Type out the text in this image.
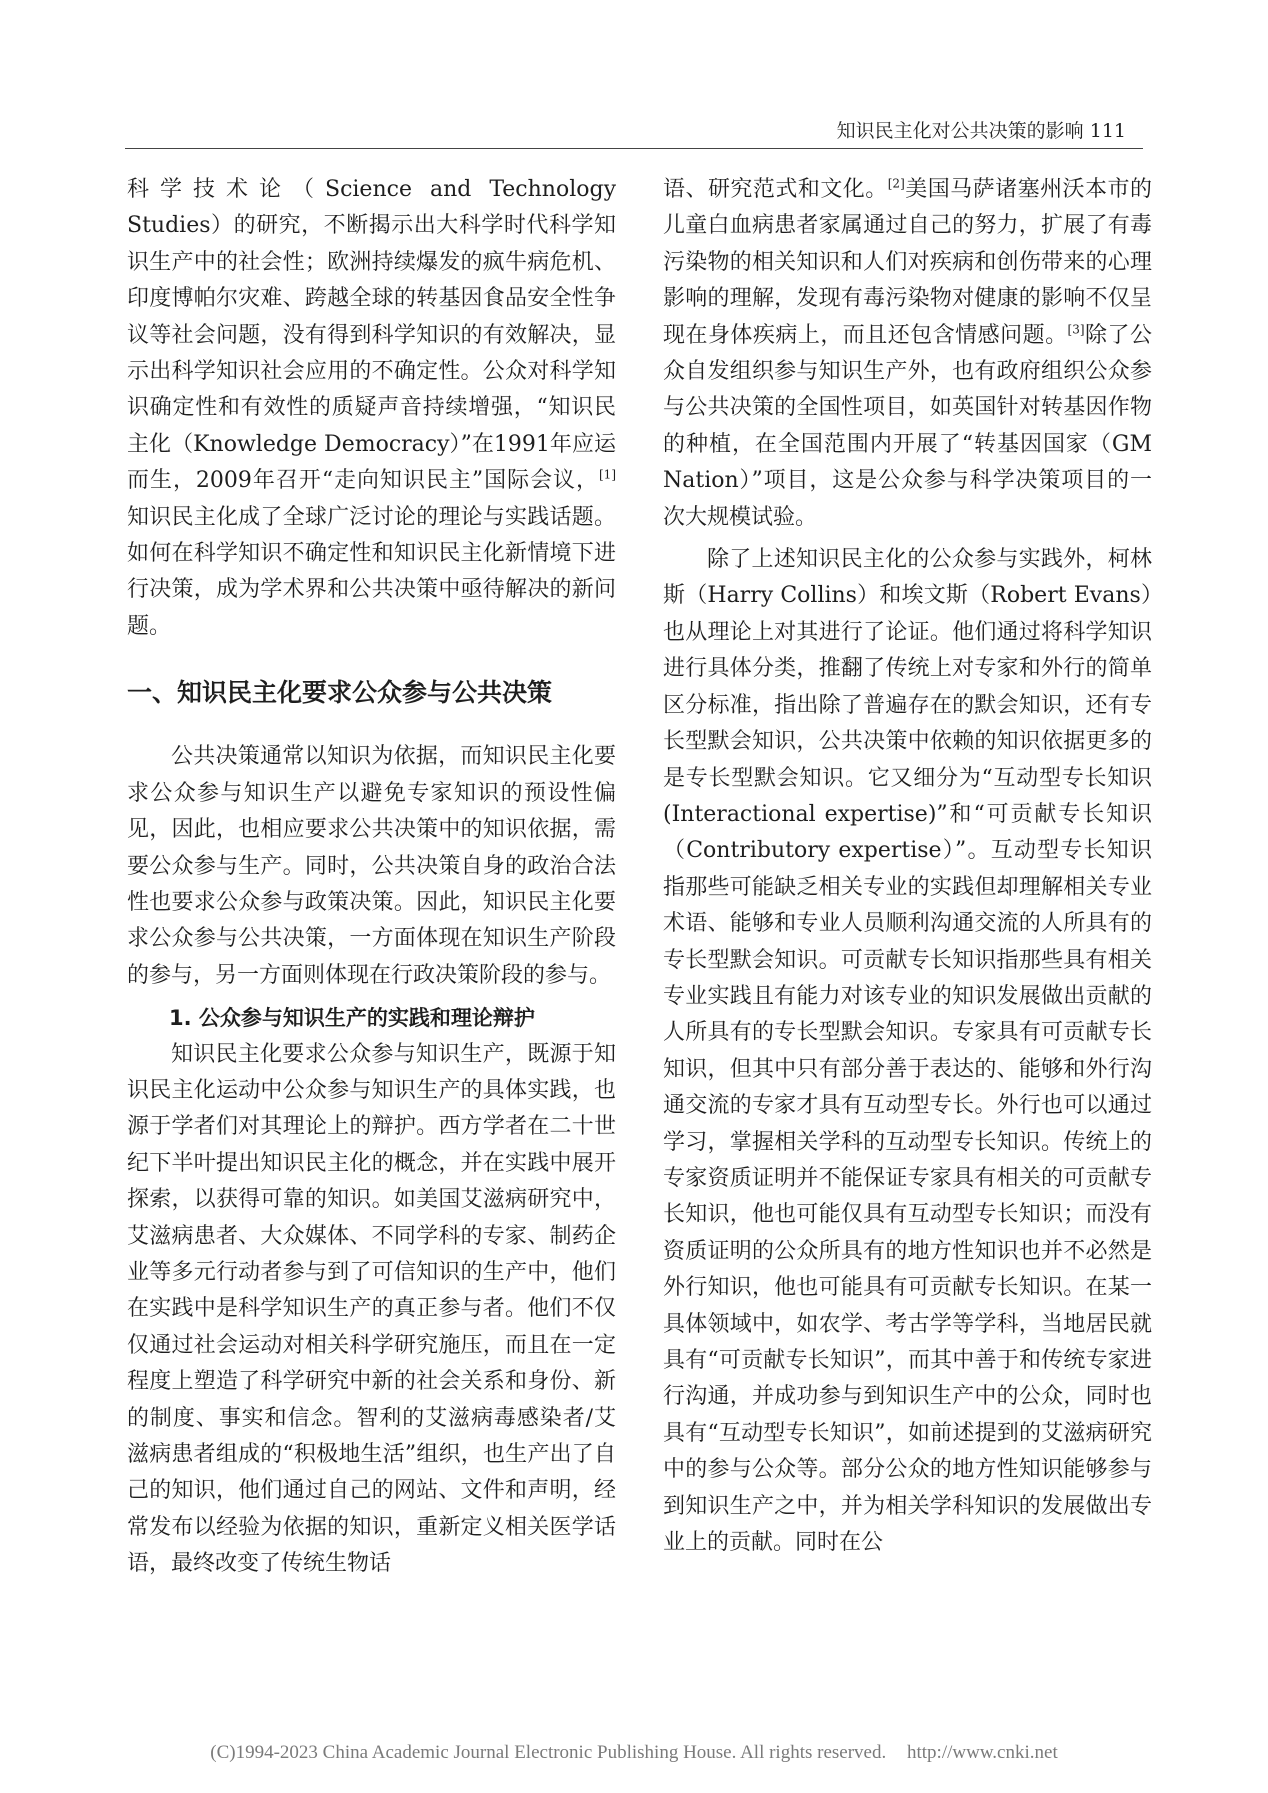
知识民主化对公共决策的影响 111

科学技术论（Science and Technology Studies）的研究，不断揭示出大科学时代科学知识生产中的社会性；欧洲持续爆发的疯牛病危机、印度博帕尔灾难、跨越全球的转基因食品安全性争议等社会问题，没有得到科学知识的有效解决，显示出科学知识社会应用的不确定性。公众对科学知识确定性和有效性的质疑声音持续增强，“知识民主化（Knowledge Democracy）”在1991年应运而生，2009年召开“走向知识民主”国际会议，[1]知识民主化成了全球广泛讨论的理论与实践话题。如何在科学知识不确定性和知识民主化新情境下进行决策，成为学术界和公共决策中亟待解决的新问题。

一、知识民主化要求公众参与公共决策

公共决策通常以知识为依据，而知识民主化要求公众参与知识生产以避免专家知识的预设性偏见，因此，也相应要求公共决策中的知识依据，需要公众参与生产。同时，公共决策自身的政治合法性也要求公众参与政策决策。因此，知识民主化要求公众参与公共决策，一方面体现在知识生产阶段的参与，另一方面则体现在行政决策阶段的参与。

1. 公众参与知识生产的实践和理论辩护

知识民主化要求公众参与知识生产，既源于知识民主化运动中公众参与知识生产的具体实践，也源于学者们对其理论上的辩护。西方学者在二十世纪下半叶提出知识民主化的概念，并在实践中展开探索，以获得可靠的知识。如美国艾滋病研究中，艾滋病患者、大众媒体、不同学科的专家、制药企业等多元行动者参与到了可信知识的生产中，他们在实践中是科学知识生产的真正参与者。他们不仅仅通过社会运动对相关科学研究施压，而且在一定程度上塑造了科学研究中新的社会关系和身份、新的制度、事实和信念。智利的艾滋病毒感染者/艾滋病患者组成的“积极地生活”组织，也生产出了自己的知识，他们通过自己的网站、文件和声明，经常发布以经验为依据的知识，重新定义相关医学话语，最终改变了传统生物话

语、研究范式和文化。[2]美国马萨诸塞州沃本市的儿童白血病患者家属通过自己的努力，扩展了有毒污染物的相关知识和人们对疾病和创伤带来的心理影响的理解，发现有毒污染物对健康的影响不仅呈现在身体疾病上，而且还包含情感问题。[3]除了公众自发组织参与知识生产外，也有政府组织公众参与公共决策的全国性项目，如英国针对转基因作物的种植，在全国范围内开展了“转基因国家（GM Nation）”项目，这是公众参与科学决策项目的一次大规模试验。

除了上述知识民主化的公众参与实践外，柯林斯（Harry Collins）和埃文斯（Robert Evans）也从理论上对其进行了论证。他们通过将科学知识进行具体分类，推翻了传统上对专家和外行的简单区分标准，指出除了普遍存在的默会知识，还有专长型默会知识，公共决策中依赖的知识依据更多的是专长型默会知识。它又细分为“互动型专长知识(Interactional expertise)”和“可贡献专长知识（Contributory expertise）”。互动型专长知识指那些可能缺乏相关专业的实践但却理解相关专业术语、能够和专业人员顺利沟通交流的人所具有的专长型默会知识。可贡献专长知识指那些具有相关专业实践且有能力对该专业的知识发展做出贡献的人所具有的专长型默会知识。专家具有可贡献专长知识，但其中只有部分善于表达的、能够和外行沟通交流的专家才具有互动型专长。外行也可以通过学习，掌握相关学科的互动型专长知识。传统上的专家资质证明并不能保证专家具有相关的可贡献专长知识，他也可能仅具有互动型专长知识；而没有资质证明的公众所具有的地方性知识也并不必然是外行知识，他也可能具有可贡献专长知识。在某一具体领域中，如农学、考古学等学科，当地居民就具有“可贡献专长知识”，而其中善于和传统专家进行沟通，并成功参与到知识生产中的公众，同时也具有“互动型专长知识”，如前述提到的艾滋病研究中的参与公众等。部分公众的地方性知识能够参与到知识生产之中，并为相关学科知识的发展做出专业上的贡献。同时在公

(C)1994-2023 China Academic Journal Electronic Publishing House. All rights reserved. http://www.cnki.net
